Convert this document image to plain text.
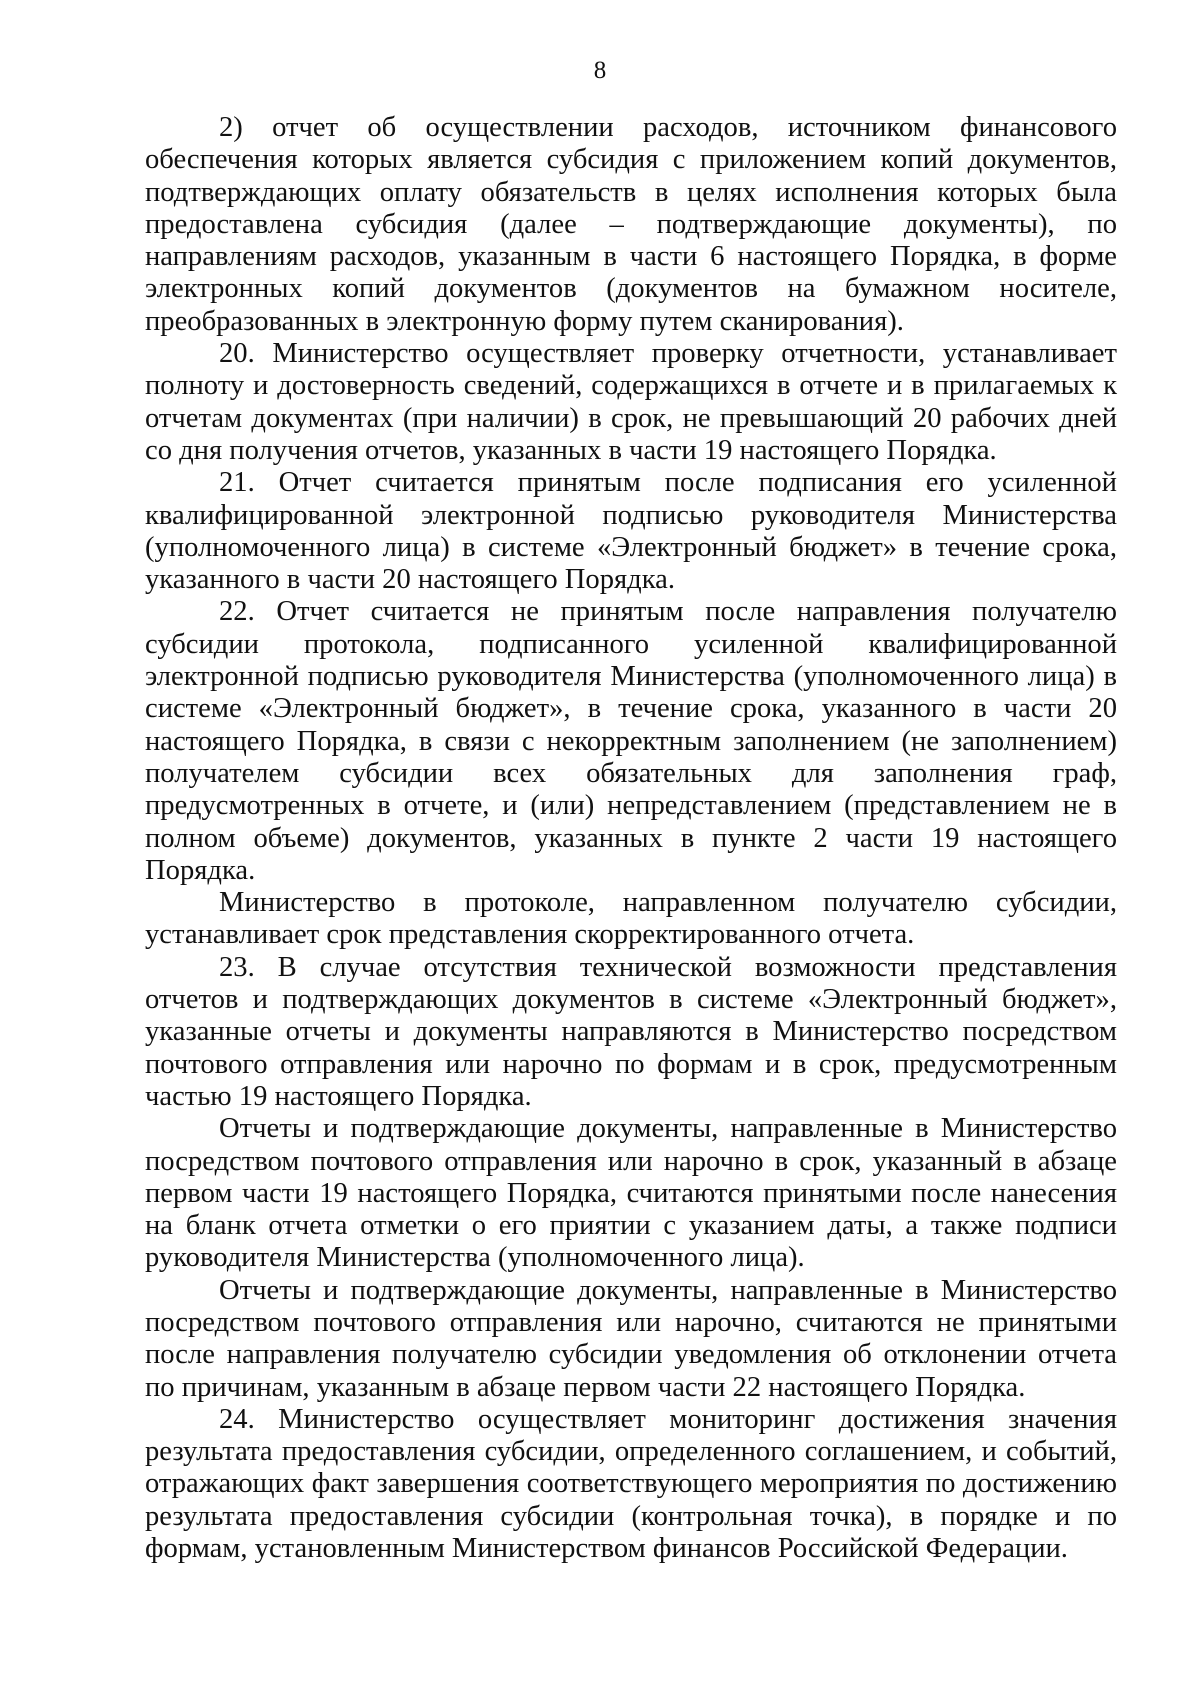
8

2) отчет об осуществлении расходов, источником финансового обеспечения которых является субсидия с приложением копий документов, подтверждающих оплату обязательств в целях исполнения которых была предоставлена субсидия (далее – подтверждающие документы), по направлениям расходов, указанным в части 6 настоящего Порядка, в форме электронных копий документов (документов на бумажном носителе, преобразованных в электронную форму путем сканирования).

20. Министерство осуществляет проверку отчетности, устанавливает полноту и достоверность сведений, содержащихся в отчете и в прилагаемых к отчетам документах (при наличии) в срок, не превышающий 20 рабочих дней со дня получения отчетов, указанных в части 19 настоящего Порядка.

21. Отчет считается принятым после подписания его усиленной квалифицированной электронной подписью руководителя Министерства (уполномоченного лица) в системе «Электронный бюджет» в течение срока, указанного в части 20 настоящего Порядка.

22. Отчет считается не принятым после направления получателю субсидии протокола, подписанного усиленной квалифицированной электронной подписью руководителя Министерства (уполномоченного лица) в системе «Электронный бюджет», в течение срока, указанного в части 20 настоящего Порядка, в связи с некорректным заполнением (не заполнением) получателем субсидии всех обязательных для заполнения граф, предусмотренных в отчете, и (или) непредставлением (представлением не в полном объеме) документов, указанных в пункте 2 части 19 настоящего Порядка.

Министерство в протоколе, направленном получателю субсидии, устанавливает срок представления скорректированного отчета.

23. В случае отсутствия технической возможности представления отчетов и подтверждающих документов в системе «Электронный бюджет», указанные отчеты и документы направляются в Министерство посредством почтового отправления или нарочно по формам и в срок, предусмотренным частью 19 настоящего Порядка.

Отчеты и подтверждающие документы, направленные в Министерство посредством почтового отправления или нарочно в срок, указанный в абзаце первом части 19 настоящего Порядка, считаются принятыми после нанесения на бланк отчета отметки о его приятии с указанием даты, а также подписи руководителя Министерства (уполномоченного лица).

Отчеты и подтверждающие документы, направленные в Министерство посредством почтового отправления или нарочно, считаются не принятыми после направления получателю субсидии уведомления об отклонении отчета по причинам, указанным в абзаце первом части 22 настоящего Порядка.

24. Министерство осуществляет мониторинг достижения значения результата предоставления субсидии, определенного соглашением, и событий, отражающих факт завершения соответствующего мероприятия по достижению результата предоставления субсидии (контрольная точка), в порядке и по формам, установленным Министерством финансов Российской Федерации.
